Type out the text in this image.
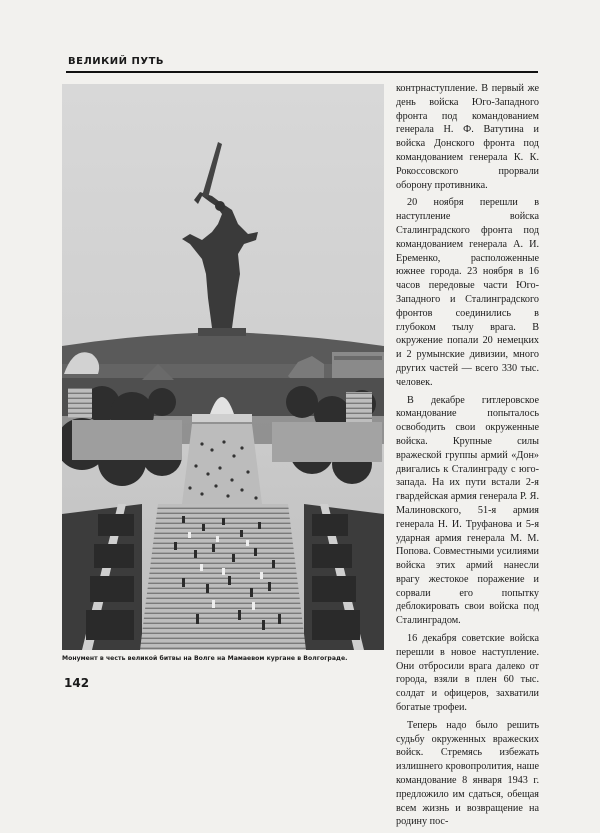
ВЕЛИКИЙ ПУТЬ
Монумент в честь великой битвы на Волге на Мамаевом кургане в Волгограде.

контрнаступление. В первый же день войска Юго-Западного фронта под командованием генерала Н. Ф. Ватутина и войска Донского фронта под командованием генерала К. К. Рокоссовского прорвали оборону противника.

20 ноября перешли в наступление войска Сталинградского фронта под командованием генерала А. И. Еременко, расположенные южнее города. 23 ноября в 16 часов передовые части Юго-Западного и Сталинградского фронтов соединились в глубоком тылу врага. В окружение попали 20 немецких и 2 румынские дивизии, много других частей — всего 330 тыс. человек.

В декабре гитлеровское командование попыталось освободить свои окруженные войска. Крупные силы вражеской группы армий «Дон» двигались к Сталинграду с юго-запада. На их пути встали 2-я гвардейская армия генерала Р. Я. Малиновского, 51-я армия генерала Н. И. Труфанова и 5-я ударная армия генерала М. М. Попова. Совместными усилиями войска этих армий нанесли врагу жестокое поражение и сорвали его попытку деблокировать свои войска под Сталинградом.

16 декабря советские войска перешли в новое наступление. Они отбросили врага далеко от города, взяли в плен 60 тыс. солдат и офицеров, захватили богатые трофеи.

Теперь надо было решить судьбу окруженных вражеских войск. Стремясь избежать излишнего кровопролития, наше командование 8 января 1943 г. предложило им сдаться, обещая всем жизнь и возвращение на родину пос-

142
